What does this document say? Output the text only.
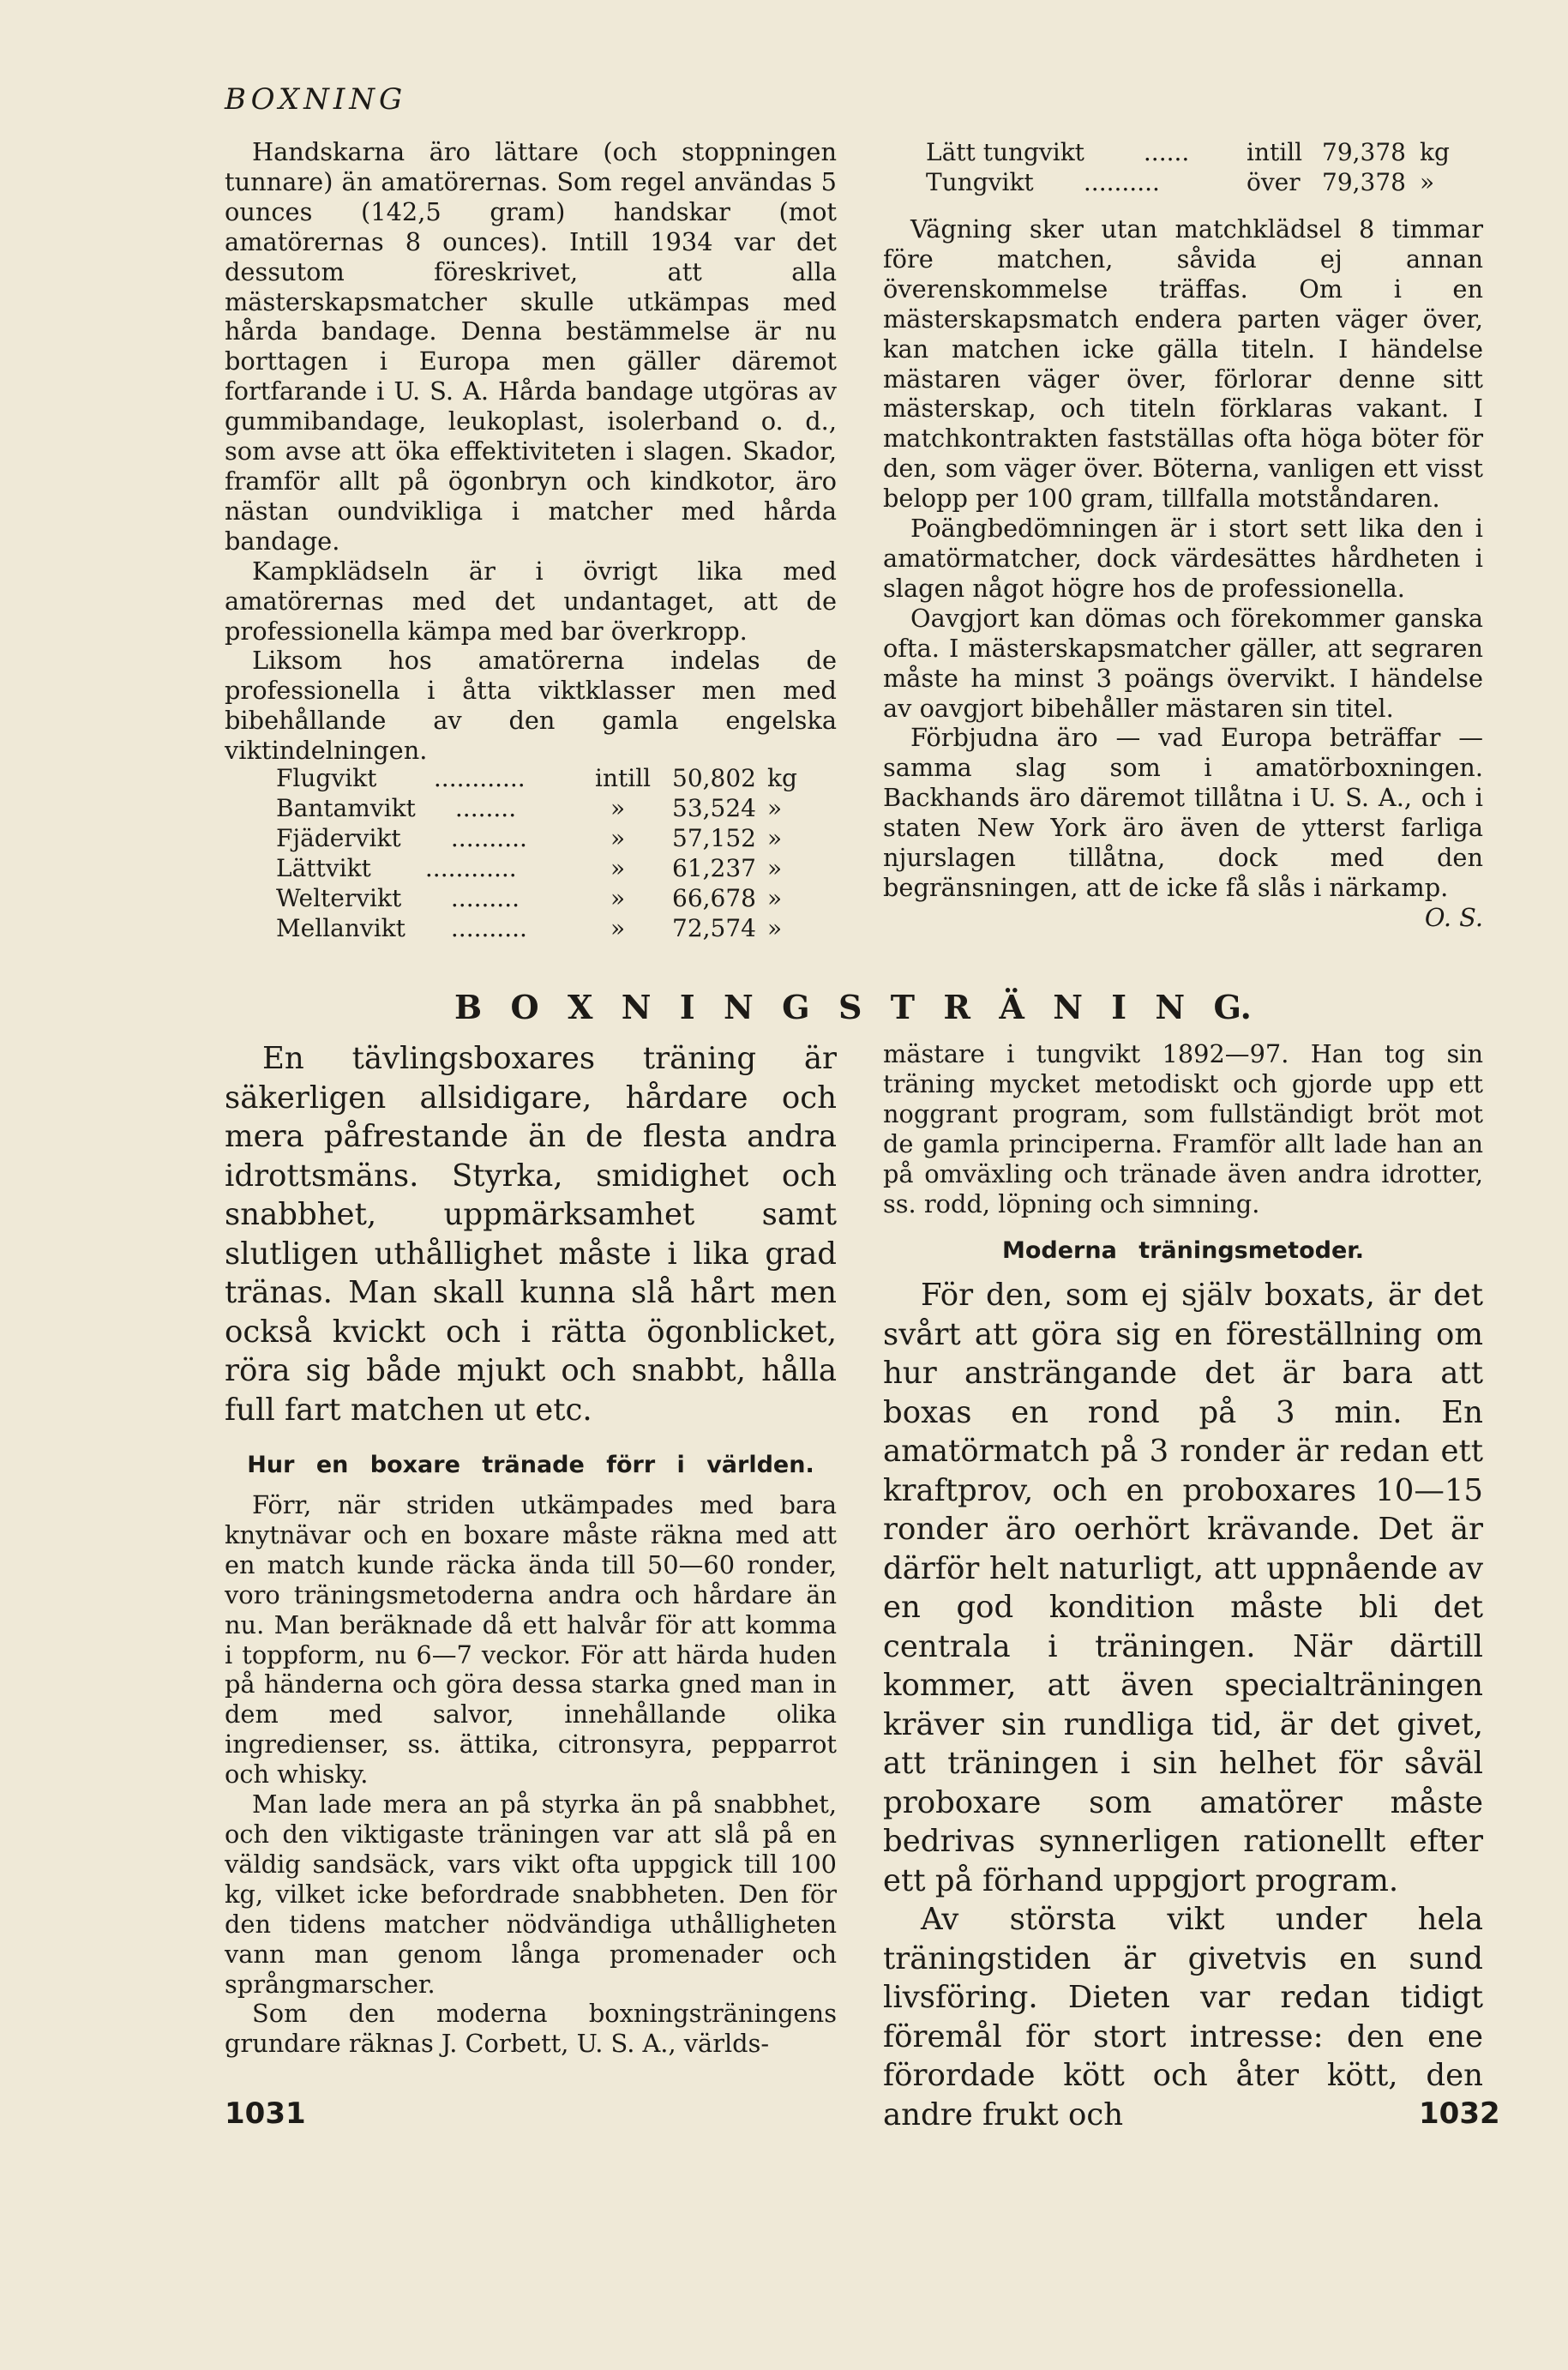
BOXNING

Handskarna äro lättare (och stoppningen tunnare) än amatörernas. Som regel användas 5 ounces (142,5 gram) handskar (mot amatörernas 8 ounces). Intill 1934 var det dessutom föreskrivet, att alla mästerskapsmatcher skulle utkämpas med hårda bandage. Denna bestämmelse är nu borttagen i Europa men gäller däremot fortfarande i U. S. A. Hårda bandage utgöras av gummibandage, leukoplast, isolerband o. d., som avse att öka effektiviteten i slagen. Skador, framför allt på ögonbryn och kindkotor, äro nästan oundvikliga i matcher med hårda bandage.

Kampklädseln är i övrigt lika med amatörernas med det undantaget, att de professionella kämpa med bar överkropp.

Liksom hos amatörerna indelas de professionella i åtta viktklasser men med bibehållande av den gamla engelska viktindelningen.

Flugvikt ............	intill 50,802 kg
Bantamvikt ........	»	53,524 »
Fjädervikt ..........	»	57,152 »
Lättvikt ............	»	61,237 »
Weltervikt .........	»	66,678 »
Mellanvikt ..........	»	72,574 »
Lätt tungvikt ...... intill 79,378 kg
Tungvikt ..........	över 79,378 »

Vägning sker utan matchklädsel 8 timmar före matchen, såvida ej annan överenskommelse träffas. Om i en mästerskapsmatch endera parten väger över, kan matchen icke gälla titeln. I händelse mästaren väger över, förlorar denne sitt mästerskap, och titeln förklaras vakant. I matchkontrakten fastställas ofta höga böter för den, som väger över. Böterna, vanligen ett visst belopp per 100 gram, tillfalla motståndaren.

Poängbedömningen är i stort sett lika den i amatörmatcher, dock värdesättes hårdheten i slagen något högre hos de professionella.

Oavgjort kan dömas och förekommer ganska ofta. I mästerskapsmatcher gäller, att segraren måste ha minst 3 poängs övervikt. I händelse av oavgjort bibehåller mästaren sin titel.

Förbjudna äro — vad Europa beträffar — samma slag som i amatörboxningen. Backhands äro däremot tillåtna i U. S. A., och i staten New York äro även de ytterst farliga njurslagen tillåtna, dock med den begränsningen, att de icke få slås i närkamp.
O. S.

B O X N I N G S T R Ä N I N G.

En tävlingsboxares träning är säkerligen allsidigare, hårdare och mera påfrestande än de flesta andra idrottsmäns. Styrka, smidighet och snabbhet, uppmärksamhet samt slutligen uthållighet måste i lika grad tränas. Man skall kunna slå hårt men också kvickt och i rätta ögonblicket, röra sig både mjukt och snabbt, hålla full fart matchen ut etc.

Hur en boxare tränade förr i världen.

Förr, när striden utkämpades med bara knytnävar och en boxare måste räkna med att en match kunde räcka ända till 50—60 ronder, voro träningsmetoderna andra och hårdare än nu. Man beräknade då ett halvår för att komma i toppform, nu 6—7 veckor. För att härda huden på händerna och göra dessa starka gned man in dem med salvor, innehållande olika ingredienser, ss. ättika, citronsyra, pepparrot och whisky.

Man lade mera an på styrka än på snabbhet, och den viktigaste träningen var att slå på en väldig sandsäck, vars vikt ofta uppgick till 100 kg, vilket icke befordrade snabbheten. Den för den tidens matcher nödvändiga uthålligheten vann man genom långa promenader och språngmarscher.

Som den moderna boxningsträningens grundare räknas J. Corbett, U. S. A., världs-

mästare i tungvikt 1892—97. Han tog sin träning mycket metodiskt och gjorde upp ett noggrant program, som fullständigt bröt mot de gamla principerna. Framför allt lade han an på omväxling och tränade även andra idrotter, ss. rodd, löpning och simning.

Moderna träningsmetoder.

För den, som ej själv boxats, är det svårt att göra sig en föreställning om hur ansträngande det är bara att boxas en rond på 3 min. En amatörmatch på 3 ronder är redan ett kraftprov, och en proboxares 10—15 ronder äro oerhört krävande. Det är därför helt naturligt, att uppnående av en god kondition måste bli det centrala i träningen. När därtill kommer, att även specialträningen kräver sin rundliga tid, är det givet, att träningen i sin helhet för såväl proboxare som amatörer måste bedrivas synnerligen rationellt efter ett på förhand uppgjort program.

Av största vikt under hela träningstiden är givetvis en sund livsföring. Dieten var redan tidigt föremål för stort intresse: den ene förordade kött och åter kött, den andre frukt och

1031	1032
